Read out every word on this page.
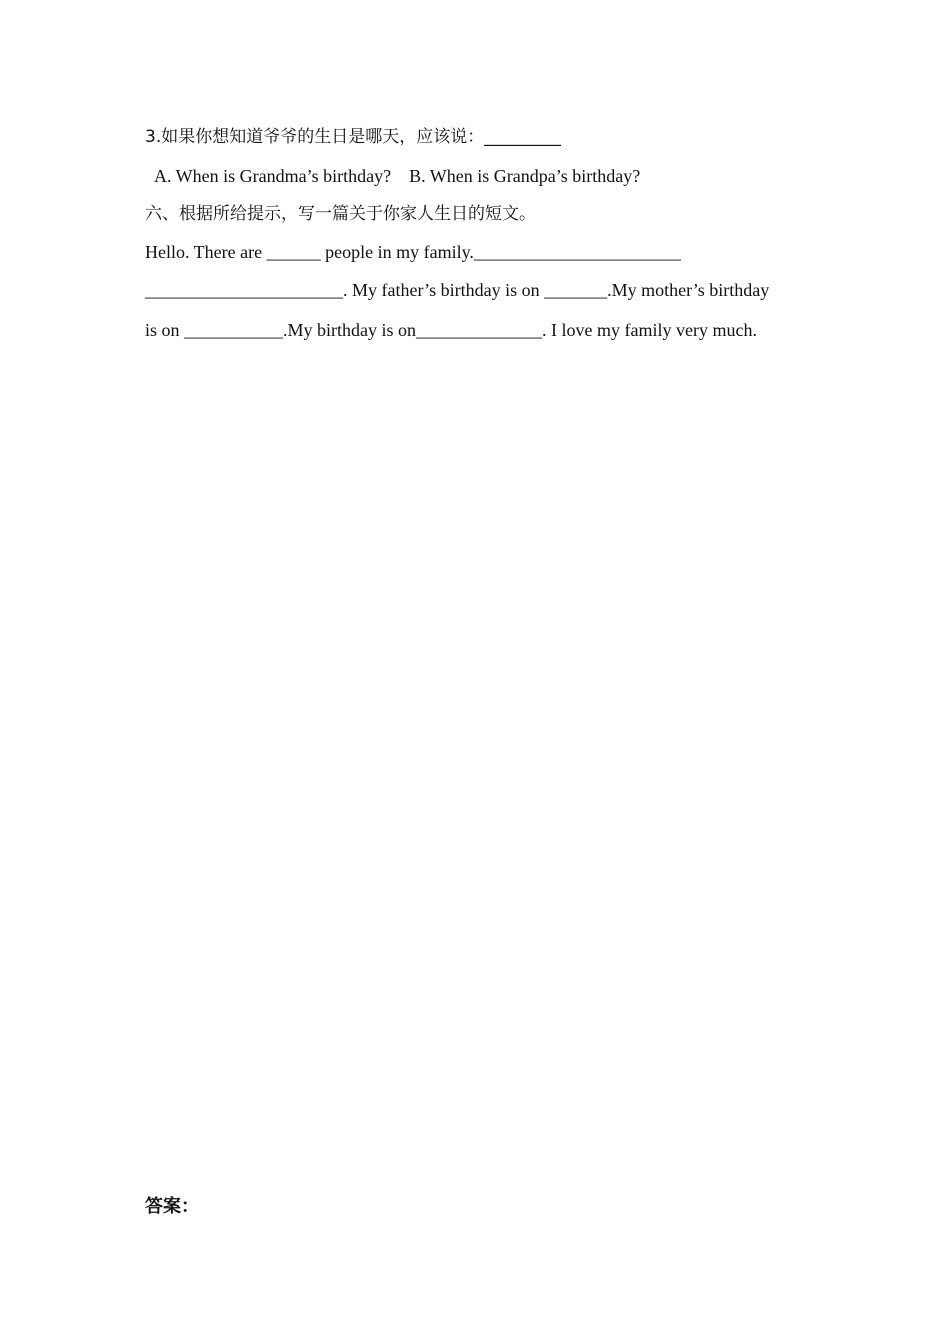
3.如果你想知道爷爷的生日是哪天，应该说：_________
A. When is Grandma’s birthday? B. When is Grandpa’s birthday?
六、根据所给提示，写一篇关于你家人生日的短文。
Hello. There are ______ people in my family._______________________
______________________. My father’s birthday is on _______.My mother’s birthday
is on ___________.My birthday is on______________. I love my family very much.
答案：
